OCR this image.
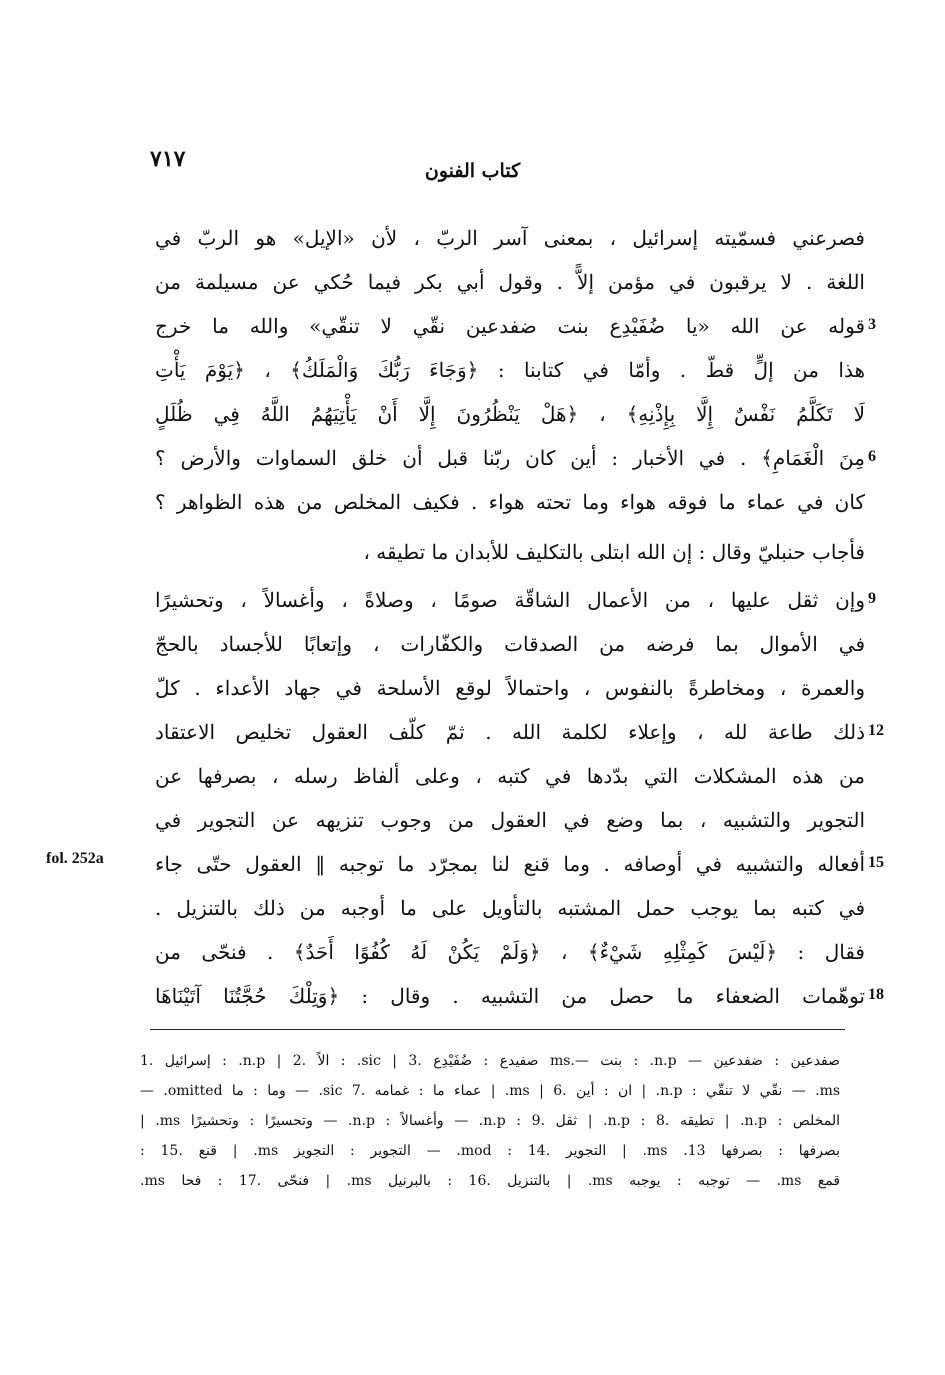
٧١٧	كتاب الفنون
فصرعني فسمّيته إسرائيل ، بمعنى آسر الربّ ، لأن «الإيل» هو الربّ في
اللغة . لا يرقبون في مؤمن إلاًّ . وقول أبي بكر فيما حُكي عن مسيلمة من
قوله عن الله «يا ضُفَيْدِع بنت ضفدعين نقّي لا تنقّي» والله ما خرج
هذا من إلٍّ قطّ . وأمّا في كتابنا : ﴿وَجَاءَ رَبُّكَ وَالْمَلَكُ﴾ ، ﴿يَوْمَ يَأْتِ
لَا تَكَلَّمُ نَفْسٌ إِلَّا بِإِذْنِهِ﴾ ، ﴿هَلْ يَنْظُرُونَ إِلَّا أَنْ يَأْتِيَهُمُ اللَّهُ فِي ظُلَلٍ
مِنَ الْغَمَامِ﴾ . في الأخبار : أين كان ربّنا قبل أن خلق السماوات والأرض ؟
كان في عماء ما فوقه هواء وما تحته هواء . فكيف المخلص من هذه الظواهر ؟
فأجاب حنبليّ وقال : إن الله ابتلى بالتكليف للأبدان ما تطيقه ،
وإن ثقل عليها ، من الأعمال الشاقّة صومًا ، وصلاةً ، وأغسالاً ، وتحشيرًا
في الأموال بما فرضه من الصدقات والكفّارات ، وإتعابًا للأجساد بالحجّ
والعمرة ، ومخاطرةً بالنفوس ، واحتمالاً لوقع الأسلحة في جهاد الأعداء . كلّ
ذلك طاعة لله ، وإعلاء لكلمة الله . ثمّ كلّف العقول تخليص الاعتقاد
من هذه المشكلات التي بدّدها في كتبه ، وعلى ألفاظ رسله ، بصرفها عن
التجوير والتشبيه ، بما وضع في العقول من وجوب تنزيهه عن التجوير في
أفعاله والتشبيه في أوصافه . وما قنع لنا بمجرّد ما توجبه ‖ العقول حتّى جاء
في كتبه بما يوجب حمل المشتبه بالتأويل على ما أوجبه من ذلك بالتنزيل .
فقال : ﴿لَيْسَ كَمِثْلِهِ شَيْءٌ﴾ ، ﴿وَلَمْ يَكُنْ لَهُ كُفُوًا أَحَدٌ﴾ . فنحّى من
توهّمات الضعفاء ما حصل من التشبيه . وقال : ﴿وَتِلْكَ حُجَّتُنَا آتَيْنَاهَا
3
6
9
12
15
18
fol. 252a
صفدعين : ضفدعين — n.p. : بنت —.ms صفيدع : ضُفَيْدِع .3 | sic. : الاً .2 | n.p. : إسرائيل .1
ms. — نقّي لا تنقّي : n.p. | ان : أين .6 | ms. | عماء ما : غمامه .7 sic. — وما : ما omitted. —
المخلص : n.p. | تطيقه .8 : n.p. | ثقل .9 : n.p. — وأغسالاً : n.p. — وتحسيرًا : وتحشيرًا ms. |
بصرفها : بصرفها 13. ms. | التجوير .14 : mod. — التجوير : التجويز ms. | قنع .15 :
قمع ms. — توجبه : يوجبه ms. | بالتنزيل .16 : بالبرنيل ms. | فنحّى .17 : فحا ms.
